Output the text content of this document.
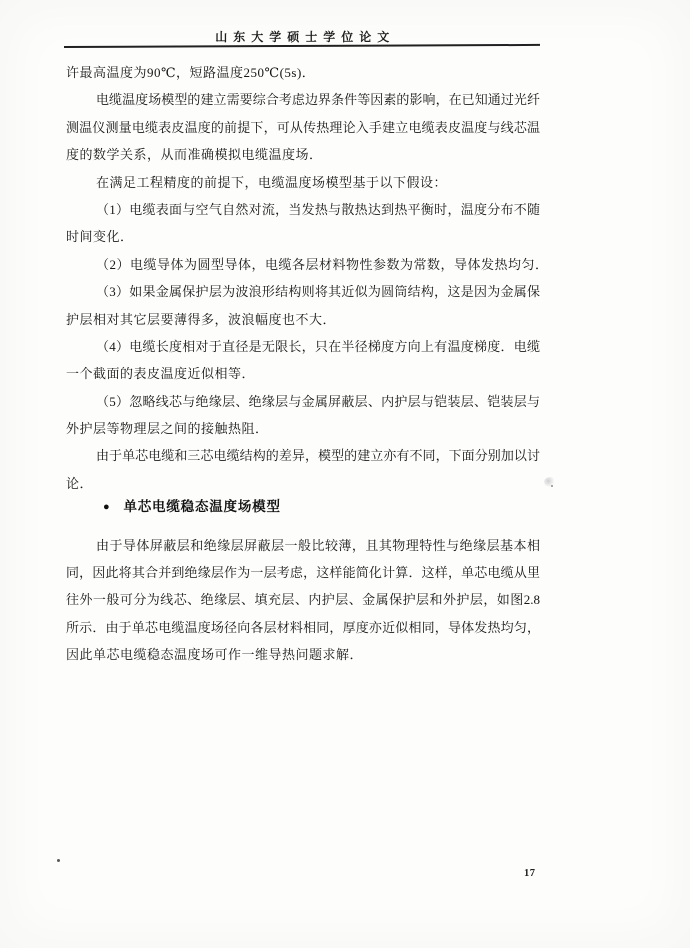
山 东 大 学 硕 士 学 位 论 文
许最高温度为90℃，短路温度250℃(5s)．
电缆温度场模型的建立需要综合考虑边界条件等因素的影响，在已知通过光纤
测温仪测量电缆表皮温度的前提下，可从传热理论入手建立电缆表皮温度与线芯温
度的数学关系，从而准确模拟电缆温度场．
在满足工程精度的前提下，电缆温度场模型基于以下假设：
（1）电缆表面与空气自然对流，当发热与散热达到热平衡时，温度分布不随
时间变化．
（2）电缆导体为圆型导体，电缆各层材料物性参数为常数，导体发热均匀．
（3）如果金属保护层为波浪形结构则将其近似为圆筒结构，这是因为金属保
护层相对其它层要薄得多，波浪幅度也不大．
（4）电缆长度相对于直径是无限长，只在半径梯度方向上有温度梯度．电缆
一个截面的表皮温度近似相等．
（5）忽略线芯与绝缘层、绝缘层与金属屏蔽层、内护层与铠装层、铠装层与
外护层等物理层之间的接触热阻．
由于单芯电缆和三芯电缆结构的差异，模型的建立亦有不同，下面分别加以讨
论．
● 单芯电缆稳态温度场模型
由于导体屏蔽层和绝缘层屏蔽层一般比较薄，且其物理特性与绝缘层基本相
同，因此将其合并到绝缘层作为一层考虑，这样能简化计算．这样，单芯电缆从里
往外一般可分为线芯、绝缘层、填充层、内护层、金属保护层和外护层，如图2.8
所示．由于单芯电缆温度场径向各层材料相同，厚度亦近似相同，导体发热均匀，
因此单芯电缆稳态温度场可作一维导热问题求解．
17
